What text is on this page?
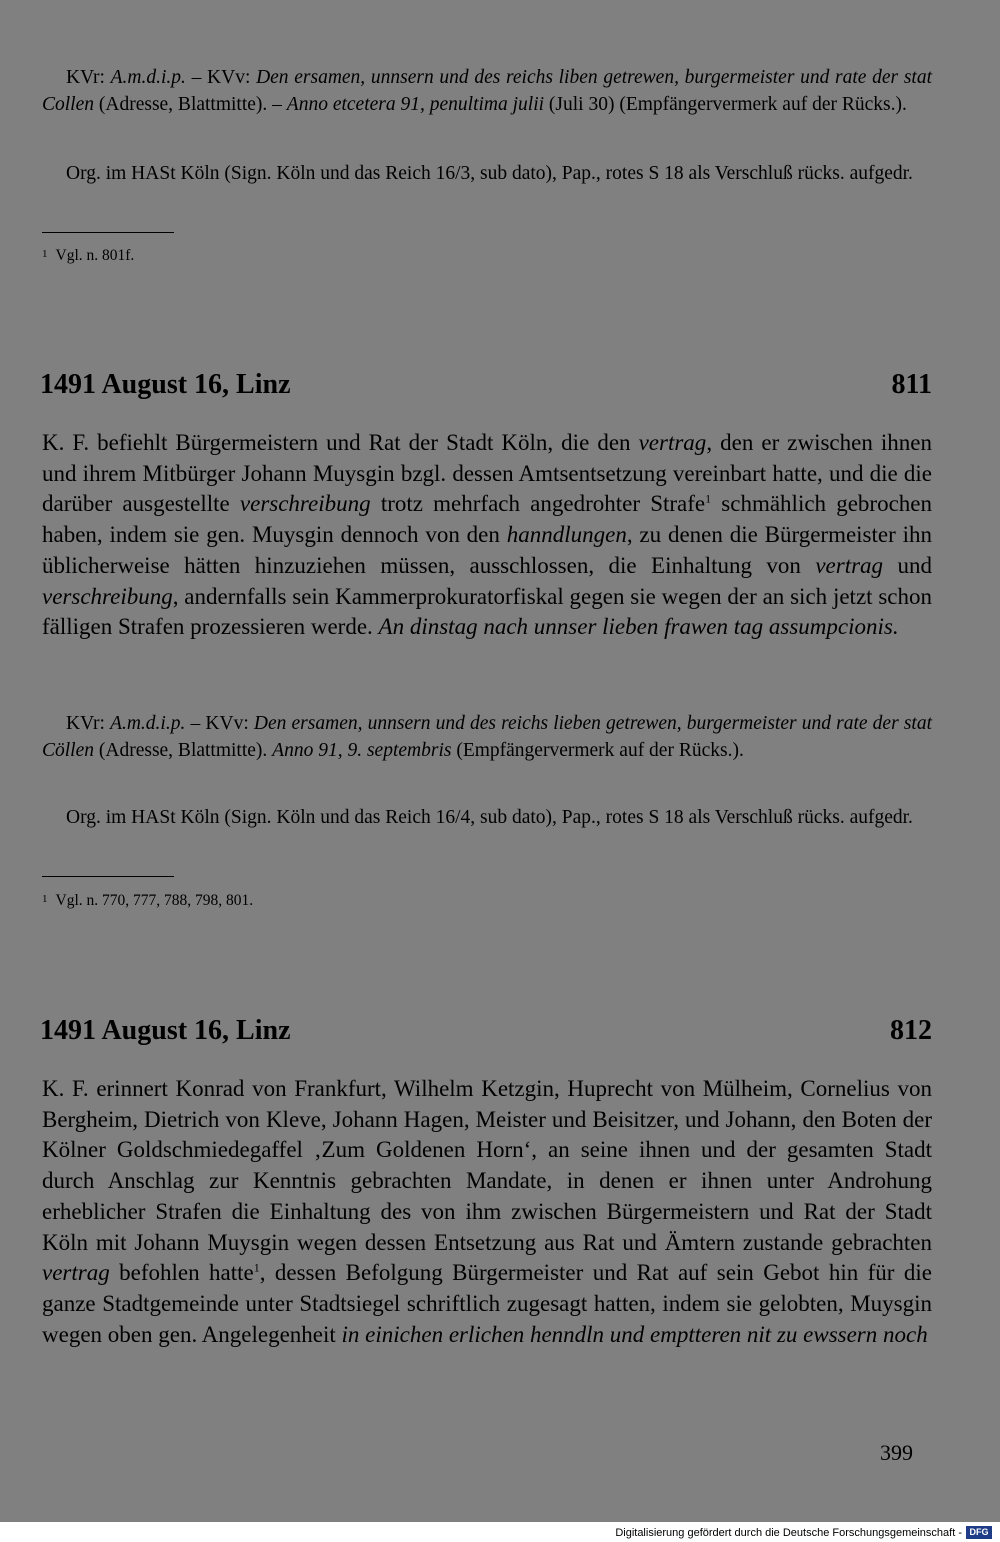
KVr: A.m.d.i.p. – KVv: Den ersamen, unnsern und des reichs liben getrewen, burgermeister und rate der stat Collen (Adresse, Blattmitte). – Anno etcetera 91, penultima julii (Juli 30) (Empfängervermerk auf der Rücks.).

Org. im HASt Köln (Sign. Köln und das Reich 16/3, sub dato), Pap., rotes S 18 als Verschluß rücks. aufgedr.

$^1$ Vgl. n. 801f.
1491 August 16, Linz	811

K. F. befiehlt Bürgermeistern und Rat der Stadt Köln, die den vertrag, den er zwischen ihnen und ihrem Mitbürger Johann Muysgin bzgl. dessen Amtsentsetzung vereinbart hatte, und die die darüber ausgestellte verschreibung trotz mehrfach angedrohter Strafe$^1$ schmählich gebrochen haben, indem sie gen. Muysgin dennoch von den hanndlungen, zu denen die Bürgermeister ihn üblicherweise hätten hinzuziehen müssen, ausschlossen, die Einhaltung von vertrag und verschreibung, andernfalls sein Kammerprokuratorfiskal gegen sie wegen der an sich jetzt schon fälligen Strafen prozessieren werde. An dinstag nach unnser lieben frawen tag assumpcionis.

KVr: A.m.d.i.p. – KVv: Den ersamen, unnsern und des reichs lieben getrewen, burgermeister und rate der stat Cöllen (Adresse, Blattmitte). Anno 91, 9. septembris (Empfängervermerk auf der Rücks.).

Org. im HASt Köln (Sign. Köln und das Reich 16/4, sub dato), Pap., rotes S 18 als Verschluß rücks. aufgedr.

$^1$ Vgl. n. 770, 777, 788, 798, 801.
1491 August 16, Linz	812

K. F. erinnert Konrad von Frankfurt, Wilhelm Ketzgin, Huprecht von Mülheim, Cornelius von Bergheim, Dietrich von Kleve, Johann Hagen, Meister und Beisitzer, und Johann, den Boten der Kölner Goldschmiedegaffel ‚Zum Goldenen Horn‘, an seine ihnen und der gesamten Stadt durch Anschlag zur Kenntnis gebrachten Mandate, in denen er ihnen unter Androhung erheblicher Strafen die Einhaltung des von ihm zwischen Bürgermeistern und Rat der Stadt Köln mit Johann Muysgin wegen dessen Entsetzung aus Rat und Ämtern zustande gebrachten vertrag befohlen hatte$^1$, dessen Befolgung Bürgermeister und Rat auf sein Gebot hin für die ganze Stadtgemeinde unter Stadtsiegel schriftlich zugesagt hatten, indem sie gelobten, Muysgin wegen oben gen. Angelegenheit in einichen erlichen henndln und emptteren nit zu ewssern noch

399
Digitalisierung gefördert durch die Deutsche Forschungsgemeinschaft - DFG
